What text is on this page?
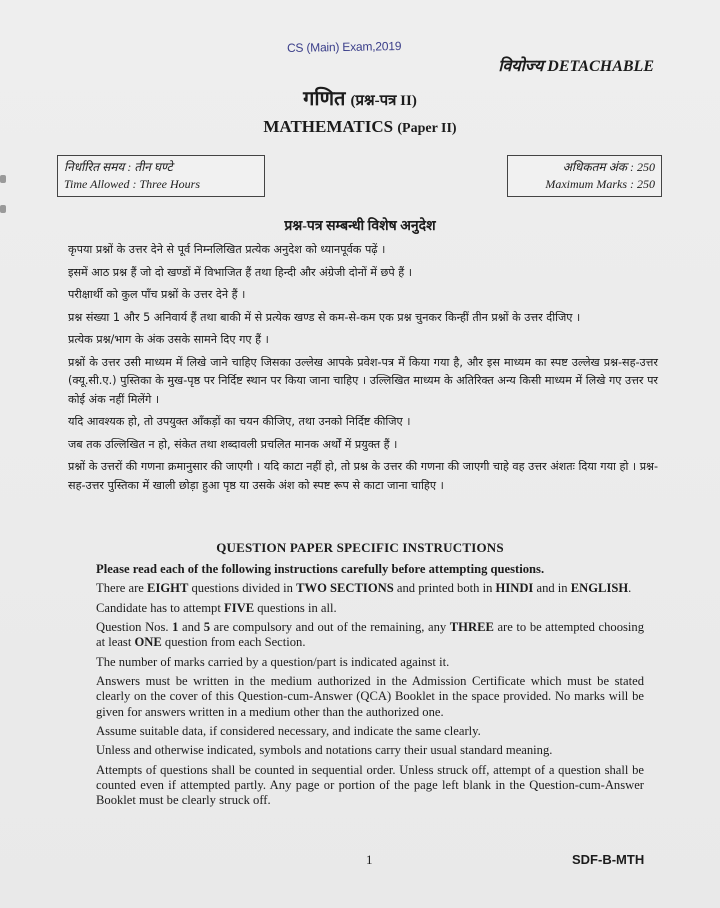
CS (Main) Exam,2019
वियोज्य DETACHABLE
गणित (प्रश्न-पत्र II)
MATHEMATICS (Paper II)
निर्धारित समय : तीन घण्टे
Time Allowed : Three Hours
अधिकतम अंक : 250
Maximum Marks : 250
प्रश्न-पत्र सम्बन्धी विशेष अनुदेश

कृपया प्रश्नों के उत्तर देने से पूर्व निम्नलिखित प्रत्येक अनुदेश को ध्यानपूर्वक पढ़ें ।

इसमें आठ प्रश्न हैं जो दो खण्डों में विभाजित हैं तथा हिन्दी और अंग्रेजी दोनों में छपे हैं ।

परीक्षार्थी को कुल पाँच प्रश्नों के उत्तर देने हैं ।

प्रश्न संख्या 1 और 5 अनिवार्य हैं तथा बाकी में से प्रत्येक खण्ड से कम-से-कम एक प्रश्न चुनकर किन्हीं तीन प्रश्नों के उत्तर दीजिए ।

प्रत्येक प्रश्न/भाग के अंक उसके सामने दिए गए हैं ।

प्रश्नों के उत्तर उसी माध्यम में लिखे जाने चाहिए जिसका उल्लेख आपके प्रवेश-पत्र में किया गया है, और इस माध्यम का स्पष्ट उल्लेख प्रश्न-सह-उत्तर (क्यू.सी.ए.) पुस्तिका के मुख-पृष्ठ पर निर्दिष्ट स्थान पर किया जाना चाहिए । उल्लिखित माध्यम के अतिरिक्त अन्य किसी माध्यम में लिखे गए उत्तर पर कोई अंक नहीं मिलेंगे ।

यदि आवश्यक हो, तो उपयुक्त आँकड़ों का चयन कीजिए, तथा उनको निर्दिष्ट कीजिए ।

जब तक उल्लिखित न हो, संकेत तथा शब्दावली प्रचलित मानक अर्थों में प्रयुक्त हैं ।

प्रश्नों के उत्तरों की गणना क्रमानुसार की जाएगी । यदि काटा नहीं हो, तो प्रश्न के उत्तर की गणना की जाएगी चाहे वह उत्तर अंशतः दिया गया हो । प्रश्न-सह-उत्तर पुस्तिका में खाली छोड़ा हुआ पृष्ठ या उसके अंश को स्पष्ट रूप से काटा जाना चाहिए ।

QUESTION PAPER SPECIFIC INSTRUCTIONS

Please read each of the following instructions carefully before attempting questions.

There are EIGHT questions divided in TWO SECTIONS and printed both in HINDI and in ENGLISH.

Candidate has to attempt FIVE questions in all.

Question Nos. 1 and 5 are compulsory and out of the remaining, any THREE are to be attempted choosing at least ONE question from each Section.

The number of marks carried by a question/part is indicated against it.

Answers must be written in the medium authorized in the Admission Certificate which must be stated clearly on the cover of this Question-cum-Answer (QCA) Booklet in the space provided. No marks will be given for answers written in a medium other than the authorized one.

Assume suitable data, if considered necessary, and indicate the same clearly.

Unless and otherwise indicated, symbols and notations carry their usual standard meaning.

Attempts of questions shall be counted in sequential order. Unless struck off, attempt of a question shall be counted even if attempted partly. Any page or portion of the page left blank in the Question-cum-Answer Booklet must be clearly struck off.

1	SDF-B-MTH
